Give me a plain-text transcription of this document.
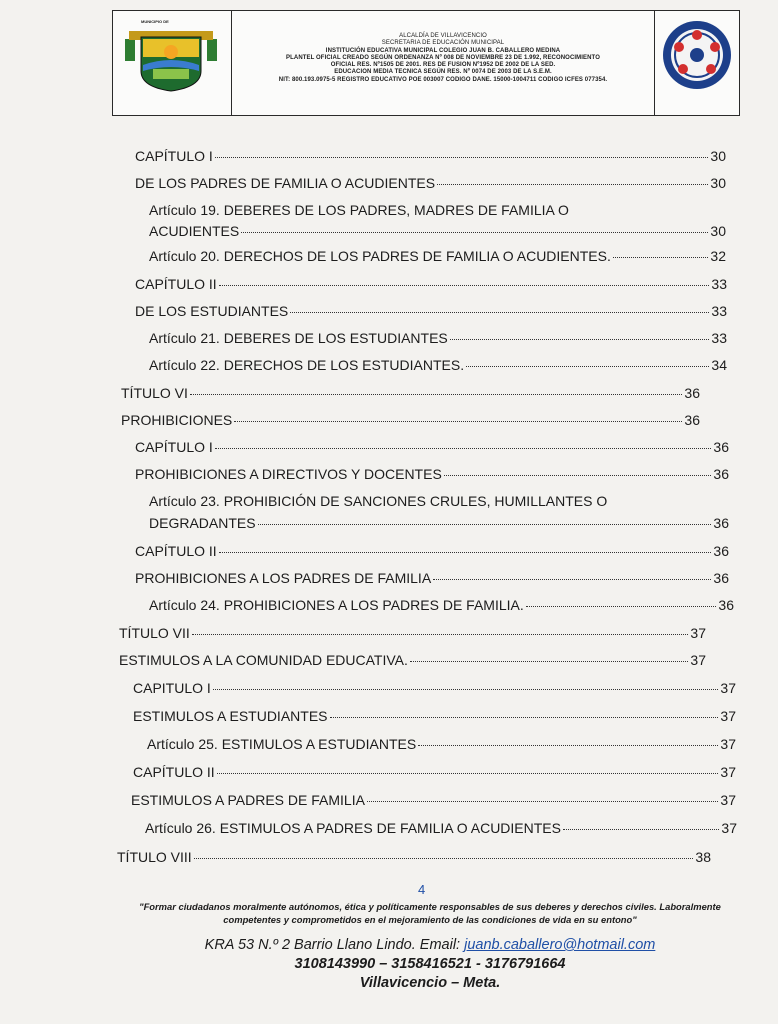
MUNICIPIO DE
ALCALDÍA DE VILLAVICENCIO
SECRETARIA DE EDUCACIÓN MUNICIPAL
INSTITUCIÓN EDUCATIVA MUNICIPAL COLEGIO JUAN B. CABALLERO MEDINA
PLANTEL OFICIAL CREADO SEGÚN ORDENANZA Nº 008 DE NOVIEMBRE 23 DE 1.992, RECONOCIMIENTO
OFICIAL RES. Nº1505 DE 2001. RES DE FUSION Nº1952 DE 2002 DE LA SED.
EDUCACION MEDIA TECNICA SEGÚN RES. Nº 0074 DE 2003 DE LA S.E.M.
NIT: 800.193.0975-5 REGISTRO EDUCATIVO POE 003007 CODIGO DANE. 15000-1004711 CODIGO ICFES 077354.
CAPÍTULO I	30
DE LOS PADRES DE FAMILIA O ACUDIENTES	30
Artículo 19. DEBERES DE LOS PADRES, MADRES DE FAMILIA O
ACUDIENTES	30
Artículo 20. DERECHOS DE LOS PADRES DE FAMILIA O ACUDIENTES.	32
CAPÍTULO II	33
DE LOS ESTUDIANTES	33
Artículo 21. DEBERES DE LOS ESTUDIANTES	33
Artículo 22. DERECHOS DE LOS ESTUDIANTES.	34
TÍTULO VI	36
PROHIBICIONES	36
CAPÍTULO I	36
PROHIBICIONES A DIRECTIVOS Y DOCENTES	36
Artículo 23. PROHIBICIÓN DE SANCIONES CRULES, HUMILLANTES O
DEGRADANTES	36
CAPÍTULO II	36
PROHIBICIONES A LOS PADRES DE FAMILIA	36
Artículo 24. PROHIBICIONES A LOS PADRES DE FAMILIA.	36
TÍTULO VII	37
ESTIMULOS A LA COMUNIDAD EDUCATIVA.	37
CAPITULO I	37
ESTIMULOS A ESTUDIANTES	37
Artículo 25. ESTIMULOS A ESTUDIANTES	37
CAPÍTULO II	37
ESTIMULOS A PADRES DE FAMILIA	37
Artículo 26. ESTIMULOS A PADRES DE FAMILIA O ACUDIENTES	37
TÍTULO VIII	38
4
"Formar ciudadanos moralmente autónomos, ética y políticamente responsables de sus deberes y derechos civiles. Laboralmente
competentes y comprometidos en el mejoramiento de las condiciones de vida en su entono"
KRA 53 N.º 2 Barrio Llano Lindo. Email: juanb.caballero@hotmail.com
3108143990 – 3158416521 - 3176791664
Villavicencio – Meta.
